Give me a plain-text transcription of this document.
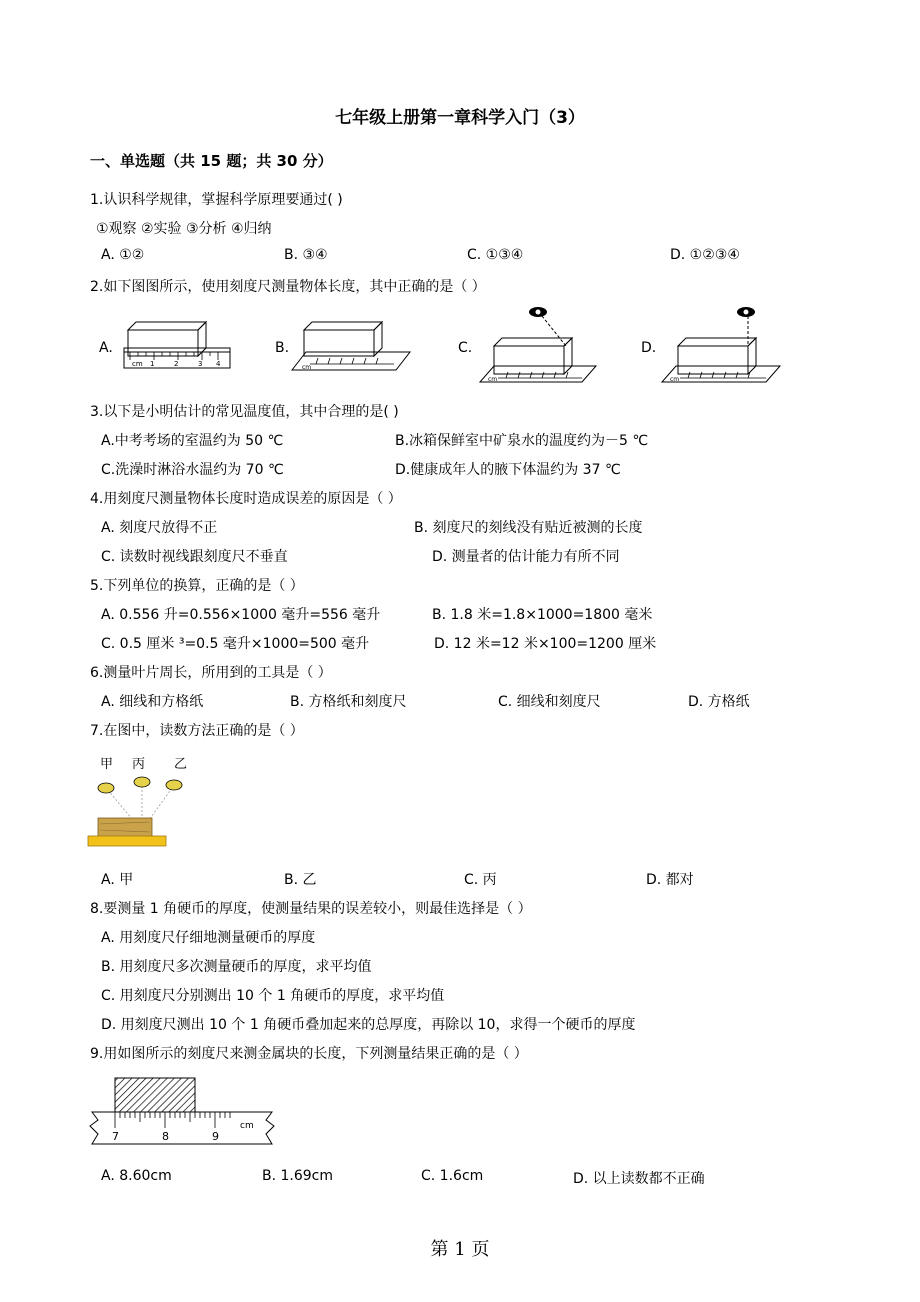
七年级上册第一章科学入门（3）
一、单选题（共 15 题；共 30 分）
1.认识科学规律，掌握科学原理要通过( )
①观察 ②实验 ③分析 ④归纳
A. ①②	B. ③④	C. ①③④	D. ①②③④
2.如下图图所示，使用刻度尺测量物体长度，其中正确的是（ ）
A.	B.	C.	D.
cm 1	2	3 4	cm
cm	cm
3.以下是小明估计的常见温度值，其中合理的是( )
A.中考考场的室温约为 50 ℃	B.冰箱保鲜室中矿泉水的温度约为－5 ℃
C.洗澡时淋浴水温约为 70 ℃	D.健康成年人的腋下体温约为 37 ℃
4.用刻度尺测量物体长度时造成误差的原因是（ ）
A. 刻度尺放得不正	B. 刻度尺的刻线没有贴近被测的长度
C. 读数时视线跟刻度尺不垂直	D. 测量者的估计能力有所不同
5.下列单位的换算，正确的是（ ）
A. 0.556 升=0.556×1000 毫升=556 毫升	B. 1.8 米=1.8×1000=1800 毫米
C. 0.5 厘米 ³=0.5 毫升×1000=500 毫升	D. 12 米=12 米×100=1200 厘米
6.测量叶片周长，所用到的工具是（ ）
A. 细线和方格纸	B. 方格纸和刻度尺	C. 细线和刻度尺	D. 方格纸
7.在图中，读数方法正确的是（ ）
甲 丙 乙
A. 甲	B. 乙	C. 丙	D. 都对
8.要测量 1 角硬币的厚度，使测量结果的误差较小，则最佳选择是（ ）
A. 用刻度尺仔细地测量硬币的厚度
B. 用刻度尺多次测量硬币的厚度，求平均值
C. 用刻度尺分别测出 10 个 1 角硬币的厚度，求平均值
D. 用刻度尺测出 10 个 1 角硬币叠加起来的总厚度，再除以 10，求得一个硬币的厚度
9.用如图所示的刻度尺来测金属块的长度，下列测量结果正确的是（ ）
7	8	9
cm
A. 8.60cm	B. 1.69cm	C. 1.6cm	D. 以上读数都不正确
第 1 页
